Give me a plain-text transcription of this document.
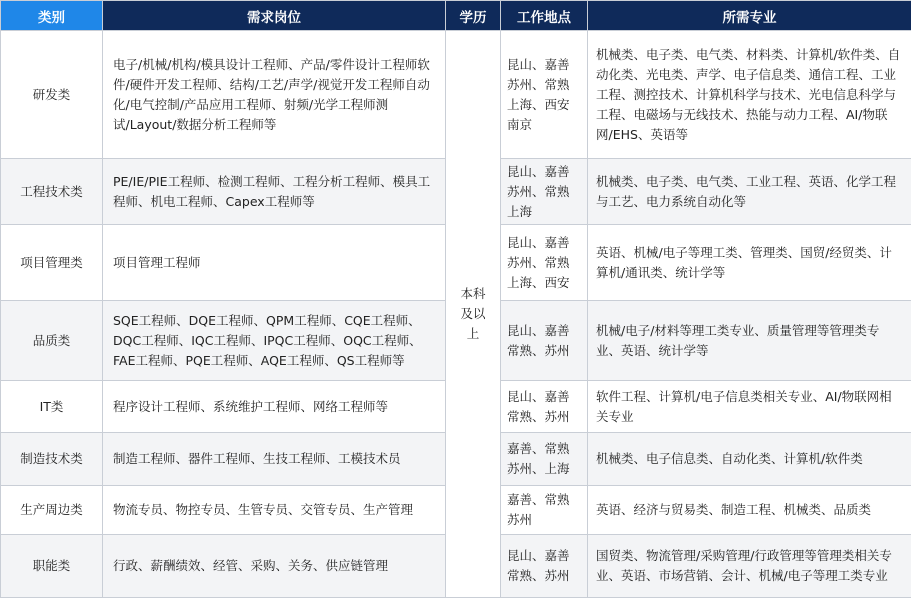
类别	需求岗位	学历	工作地点	所需专业
研发类	电子/机械/机构/模具设计工程师、产品/零件设计工程师软件/硬件开发工程师、结构/工艺/声学/视觉开发工程师自动化/电气控制/产品应用工程师、射频/光学工程师测试/Layout/数据分析工程师等	本科及以上	昆山、嘉善苏州、常熟上海、西安南京	机械类、电子类、电气类、材料类、计算机/软件类、自动化类、光电类、声学、电子信息类、通信工程、工业工程、测控技术、计算机科学与技术、光电信息科学与工程、电磁场与无线技术、热能与动力工程、AI/物联网/EHS、英语等
工程技术类	PE/IE/PIE工程师、检测工程师、工程分析工程师、模具工程师、机电工程师、Capex工程师等		昆山、嘉善苏州、常熟上海	机械类、电子类、电气类、工业工程、英语、化学工程与工艺、电力系统自动化等
项目管理类	项目管理工程师		昆山、嘉善苏州、常熟上海、西安	英语、机械/电子等理工类、管理类、国贸/经贸类、计算机/通讯类、统计学等
品质类	SQE工程师、DQE工程师、QPM工程师、CQE工程师、DQC工程师、IQC工程师、IPQC工程师、OQC工程师、FAE工程师、PQE工程师、AQE工程师、QS工程师等		昆山、嘉善常熟、苏州	机械/电子/材料等理工类专业、质量管理等管理类专业、英语、统计学等
IT类	程序设计工程师、系统维护工程师、网络工程师等		昆山、嘉善常熟、苏州	软件工程、计算机/电子信息类相关专业、AI/物联网相关专业
制造技术类	制造工程师、器件工程师、生技工程师、工模技术员		嘉善、常熟苏州、上海	机械类、电子信息类、自动化类、计算机/软件类
生产周边类	物流专员、物控专员、生管专员、交管专员、生产管理		嘉善、常熟苏州	英语、经济与贸易类、制造工程、机械类、品质类
职能类	行政、薪酬绩效、经管、采购、关务、供应链管理		昆山、嘉善常熟、苏州	国贸类、物流管理/采购管理/行政管理等管理类相关专业、英语、市场营销、会计、机械/电子等理工类专业
